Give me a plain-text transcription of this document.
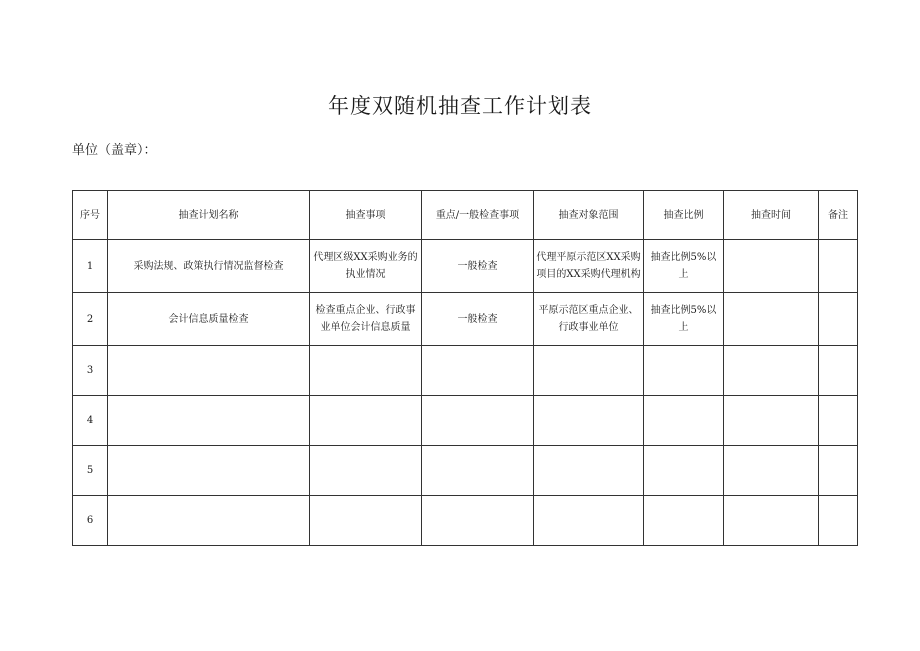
年度双随机抽查工作计划表
单位（盖章）：
序号	抽查计划名称	抽查事项	重点/一般检查事项	抽查对象范围	抽查比例	抽查时间	备注
1	采购法规、政策执行情况监督检查	代理区级XX采购业务的执业情况	一般检查	代理平原示范区XX采购项目的XX采购代理机构	抽查比例5%以上		
2	会计信息质量检查	检查重点企业、行政事业单位会计信息质量	一般检查	平原示范区重点企业、行政事业单位	抽查比例5%以上		
3							
4							
5							
6							
